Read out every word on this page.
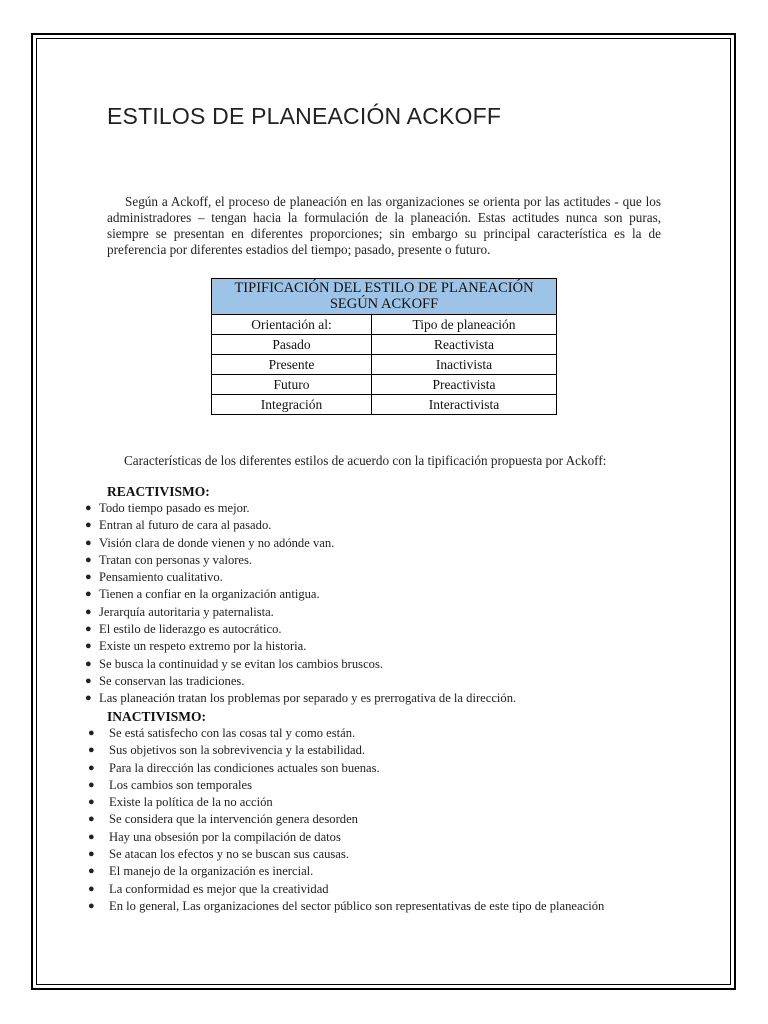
ESTILOS DE PLANEACIÓN ACKOFF

Según a Ackoff, el proceso de planeación en las organizaciones se orienta por las actitudes - que los administradores – tengan hacia la formulación de la planeación. Estas actitudes nunca son puras, siempre se presentan en diferentes proporciones; sin embargo su principal característica es la de preferencia por diferentes estadios del tiempo; pasado, presente o futuro.

TIPIFICACIÓN DEL ESTILO DE PLANEACIÓN SEGÚN ACKOFF	
Orientación al:	Tipo de planeación
Pasado	Reactivista
Presente	Inactivista
Futuro	Preactivista
Integración	Interactivista

Características de los diferentes estilos de acuerdo con la tipificación propuesta por Ackoff:

REACTIVISMO:

● Todo tiempo pasado es mejor.
● Entran al futuro de cara al pasado.
● Visión clara de donde vienen y no adónde van.
● Tratan con personas y valores.
● Pensamiento cualitativo.
● Tienen a confiar en la organización antigua.
● Jerarquía autoritaria y paternalista.
● El estilo de liderazgo es autocrático.
● Existe un respeto extremo por la historia.
● Se busca la continuidad y se evitan los cambios bruscos.
● Se conservan las tradiciones.
● Las planeación tratan los problemas por separado y es prerrogativa de la dirección.

INACTIVISMO:

● Se está satisfecho con las cosas tal y como están.
● Sus objetivos son la sobrevivencia y la estabilidad.
● Para la dirección las condiciones actuales son buenas.
● Los cambios son temporales
● Existe la política de la no acción
● Se considera que la intervención genera desorden
● Hay una obsesión por la compilación de datos
● Se atacan los efectos y no se buscan sus causas.
● El manejo de la organización es inercial.
● La conformidad es mejor que la creatividad
● En lo general, Las organizaciones del sector público son representativas de este tipo de planeación
